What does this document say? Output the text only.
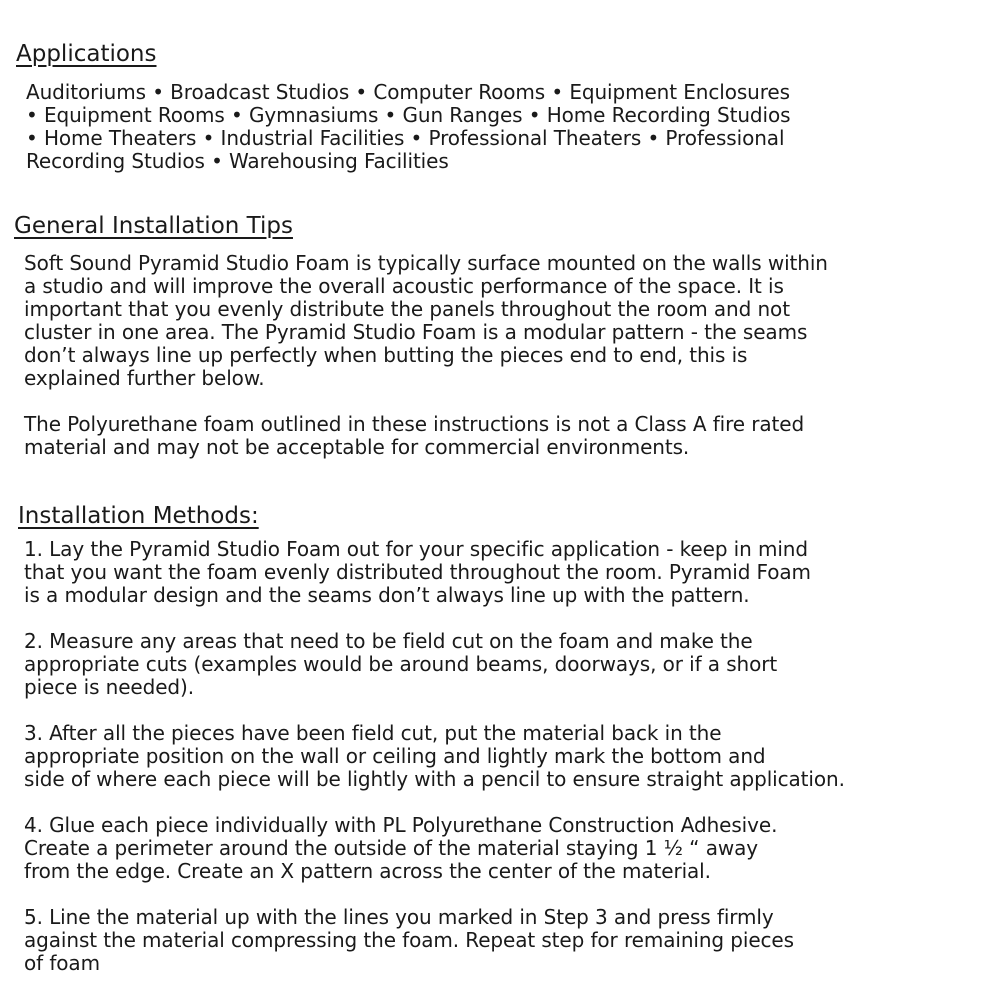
Applications

Auditoriums • Broadcast Studios • Computer Rooms • Equipment Enclosures
• Equipment Rooms • Gymnasiums • Gun Ranges • Home Recording Studios
• Home Theaters • Industrial Facilities • Professional Theaters • Professional
Recording Studios • Warehousing Facilities

General Installation Tips

Soft Sound Pyramid Studio Foam is typically surface mounted on the walls within
a studio and will improve the overall acoustic performance of the space. It is
important that you evenly distribute the panels throughout the room and not
cluster in one area. The Pyramid Studio Foam is a modular pattern - the seams
don’t always line up perfectly when butting the pieces end to end, this is
explained further below.

The Polyurethane foam outlined in these instructions is not a Class A fire rated
material and may not be acceptable for commercial environments.

Installation Methods:

1. Lay the Pyramid Studio Foam out for your specific application - keep in mind
that you want the foam evenly distributed throughout the room. Pyramid Foam
is a modular design and the seams don’t always line up with the pattern.

2. Measure any areas that need to be field cut on the foam and make the
appropriate cuts (examples would be around beams, doorways, or if a short
piece is needed).

3. After all the pieces have been field cut, put the material back in the
appropriate position on the wall or ceiling and lightly mark the bottom and
side of where each piece will be lightly with a pencil to ensure straight application.

4. Glue each piece individually with PL Polyurethane Construction Adhesive.
Create a perimeter around the outside of the material staying 1 ½ “ away
from the edge. Create an X pattern across the center of the material.

5. Line the material up with the lines you marked in Step 3 and press firmly
against the material compressing the foam. Repeat step for remaining pieces
of foam
